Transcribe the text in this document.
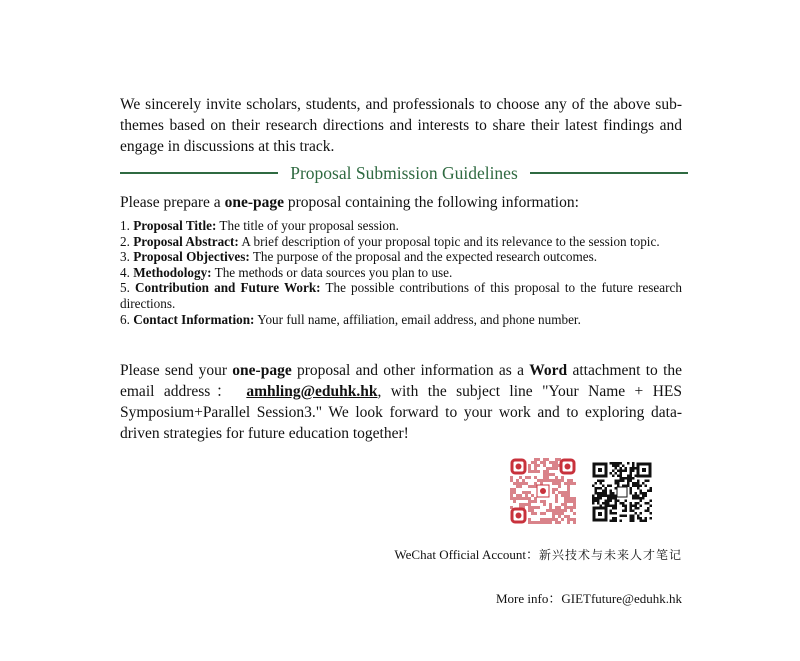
We sincerely invite scholars, students, and professionals to choose any of the above sub-themes based on their research directions and interests to share their latest findings and engage in discussions at this track.

Proposal Submission Guidelines

Please prepare a one-page proposal containing the following information:

1. Proposal Title: The title of your proposal session.

2. Proposal Abstract: A brief description of your proposal topic and its relevance to the session topic.

3. Proposal Objectives: The purpose of the proposal and the expected research outcomes.

4. Methodology: The methods or data sources you plan to use.

5. Contribution and Future Work: The possible contributions of this proposal to the future research directions.

6. Contact Information: Your full name, affiliation, email address, and phone number.

Please send your one-page proposal and other information as a Word attachment to the email address： amhling@eduhk.hk, with the subject line "Your Name + HES Symposium+Parallel Session3." We look forward to your work and to exploring data-driven strategies for future education together!

WeChat Official Account：新兴技术与未来人才笔记
More info：GIETfuture@eduhk.hk
